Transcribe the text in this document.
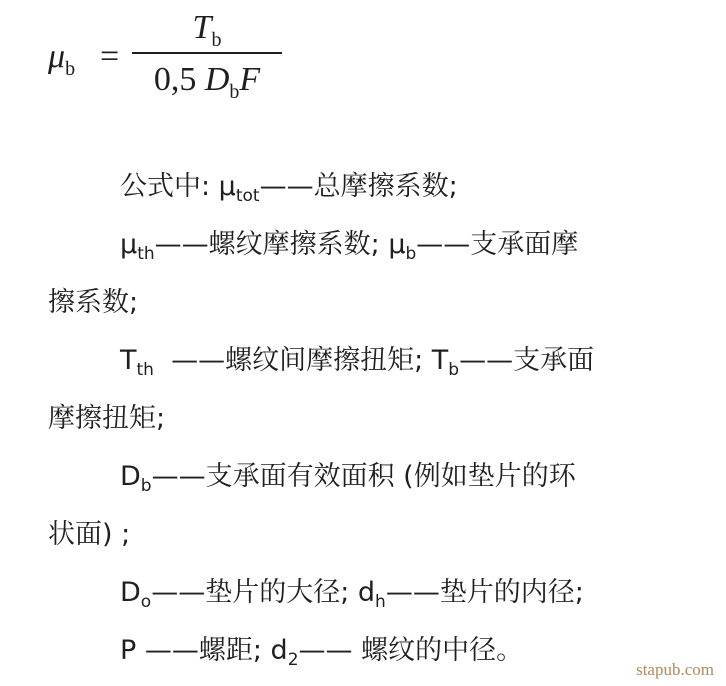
$\mu_b$ =
$T_b$
0,5 $D_bF$

公式中: $\mu_{tot}——$总摩擦系数;

$\mu_{th}——$螺纹摩擦系数; $\mu_b——$支承面摩

擦系数;

$T_{th}$  ——螺纹间摩擦扭矩; $T_b——$支承面

摩擦扭矩;

$D_b——$支承面有效面积 (例如垫片的环

状面) ;

$D_o——$垫片的大径; $d_h——$垫片的内径;

P ——螺距; $d_2——$ 螺纹的中径。

stapub.com
